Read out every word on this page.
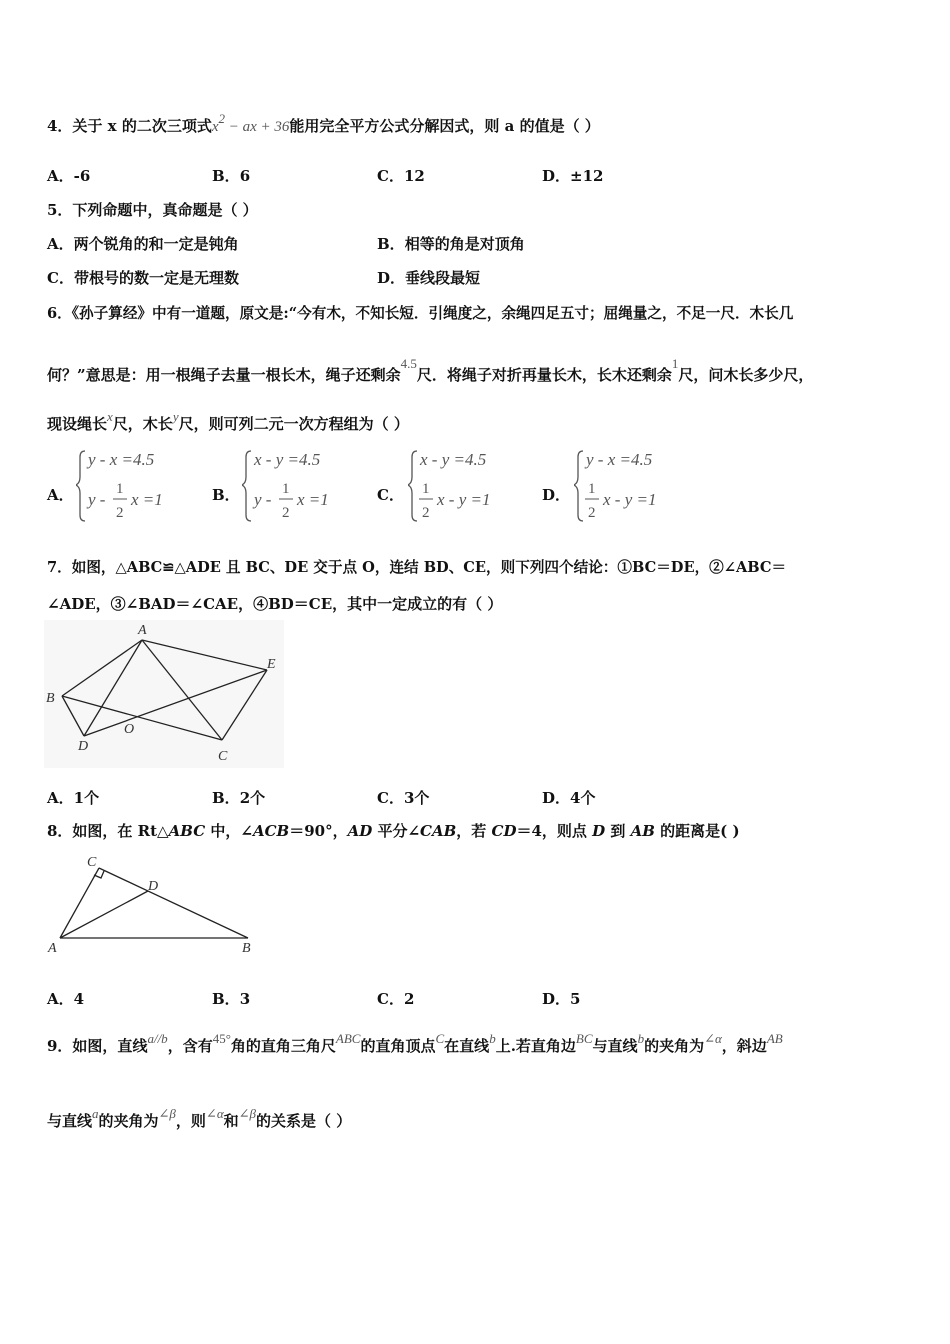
4．关于 x 的二次三项式x2 − ax + 36能用完全平方公式分解因式，则 a 的值是（ ）
A．-6	B．6	C．12	D．±12
5．下列命题中，真命题是（ ）
A．两个锐角的和一定是钝角	B．相等的角是对顶角
C．带根号的数一定是无理数	D．垂线段最短
6．《孙子算经》中有一道题，原文是:“今有木，不知长短．引绳度之，余绳四足五寸；屈绳量之，不足一尺．木长几
何？”意思是：用一根绳子去量一根长木，绳子还剩余4.5尺．将绳子对折再量长木，长木还剩余1尺，问木长多少尺，
现设绳长x尺，木长y尺，则可列二元一次方程组为（ ）
A．
y - x =4.5
y -
1
2
x =1	B．
x - y =4.5
y -
1
2
x =1	C．
x - y =4.5
1
2
x - y =1	D．
y - x =4.5
1
2
x - y =1
7．如图，△ABC≌△ADE 且 BC、DE 交于点 O，连结 BD、CE，则下列四个结论：①BC＝DE，②∠ABC＝
∠ADE，③∠BAD＝∠CAE，④BD＝CE，其中一定成立的有（ ）
A
B
C
D
E
O
A．1个	B．2个	C．3个	D．4个
8．如图，在 Rt△ABC 中，∠ACB＝90°，AD 平分∠CAB，若 CD＝4，则点 D 到 AB 的距离是( )
C
D
A	B
A．4	B．3	C．2	D．5
9．如图，直线a//b，含有45°角的直角三角尺ABC的直角顶点C在直线b上.若直角边BC与直线b的夹角为∠α，斜边AB
与直线a的夹角为∠β，则∠α和∠β的关系是（ ）
